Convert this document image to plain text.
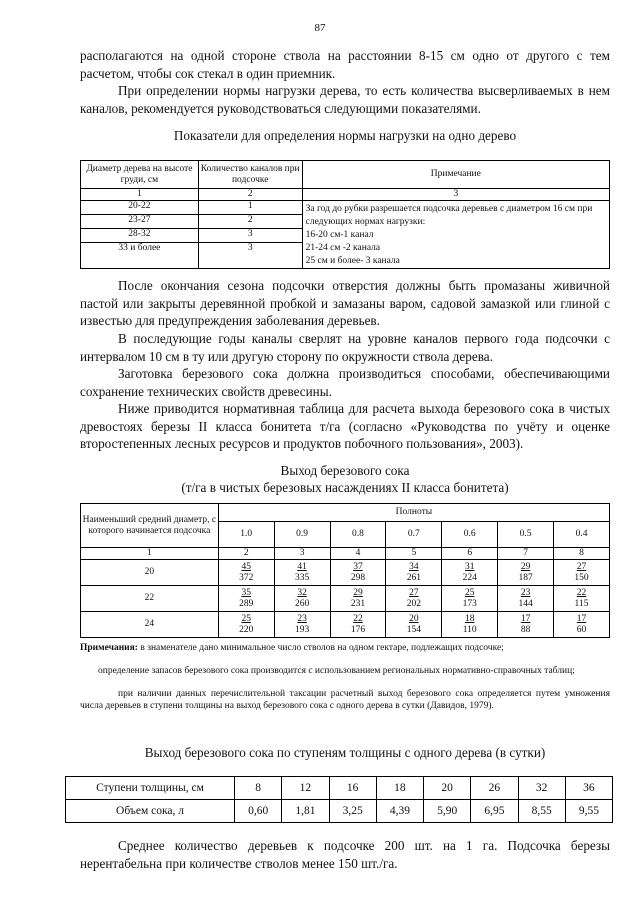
87

располагаются на одной стороне ствола на расстоянии 8-15 см одно от другого с тем расчетом, чтобы сок стекал в один приемник.

При определении нормы нагрузки дерева, то есть количества высверливаемых в нем каналов, рекомендуется руководствоваться следующими показателями.

Показатели для определения нормы нагрузки на одно дерево

Диаметр дерева на высоте груди, см	Количество каналов при подсочке	Примечание
1	2	3
20-22	1	За год до рубки разрешается подсочка деревьев с диаметром 16 см при следующих нормах нагрузки:
16-20 см-1 канал
21-24 см -2 канала
25 см и более- 3 канала

23-27	2	
28-32	3	
33 и более	3	

После окончания сезона подсочки отверстия должны быть промазаны живичной пастой или закрыты деревянной пробкой и замазаны варом, садовой замазкой или глиной с известью для предупреждения заболевания деревьев.

В последующие годы каналы сверлят на уровне каналов первого года подсочки с интервалом 10 см в ту или другую сторону по окружности ствола дерева.

Заготовка березового сока должна производиться способами, обеспечивающими сохранение технических свойств древесины.

Ниже приводится нормативная таблица для расчета выхода березового сока в чистых древостоях березы II класса бонитета т/га (согласно «Руководства по учёту и оценке второстепенных лесных ресурсов и продуктов побочного пользования», 2003).

Выход березового сока

(т/га в чистых березовых насаждениях II класса бонитета)

Наименьший средний диаметр, с которого начинается подсочка	Полноты						
	1.0	0.9	0.8	0.7	0.6	0.5	0.4
1	2	3	4	5	6	7	8
20	$\frac{45}{372}$	$\frac{41}{335}$	$\frac{37}{298}$	$\frac{34}{261}$	$\frac{31}{224}$	$\frac{29}{187}$	$\frac{27}{150}$

22	$\frac{35}{289}$	$\frac{32}{260}$	$\frac{29}{231}$	$\frac{27}{202}$	$\frac{25}{173}$	$\frac{23}{144}$	$\frac{22}{115}$

24	$\frac{25}{220}$	$\frac{23}{193}$	$\frac{22}{176}$	$\frac{20}{154}$	$\frac{18}{110}$	$\frac{17}{88}$	$\frac{17}{60}$

Примечания: в знаменателе дано минимальное число стволов на одном гектаре, подлежащих подсочке;

определение запасов березового сока производится с использованием региональных нормативно-справочных таблиц;

при наличии данных перечислительной таксации расчетный выход березового сока определяется путем умножения числа деревьев в ступени толщины на выход березового сока с одного дерева в сутки (Давидов, 1979).

Выход березового сока по ступеням толщины с одного дерева (в сутки)

Ступени толщины, см	8	12	16	18	20	26	32	36
Объем сока, л	0,60	1,81	3,25	4,39	5,90	6,95	8,55	9,55

Среднее количество деревьев к подсочке 200 шт. на 1 га. Подсочка березы нерентабельна при количестве стволов менее 150 шт./га.
